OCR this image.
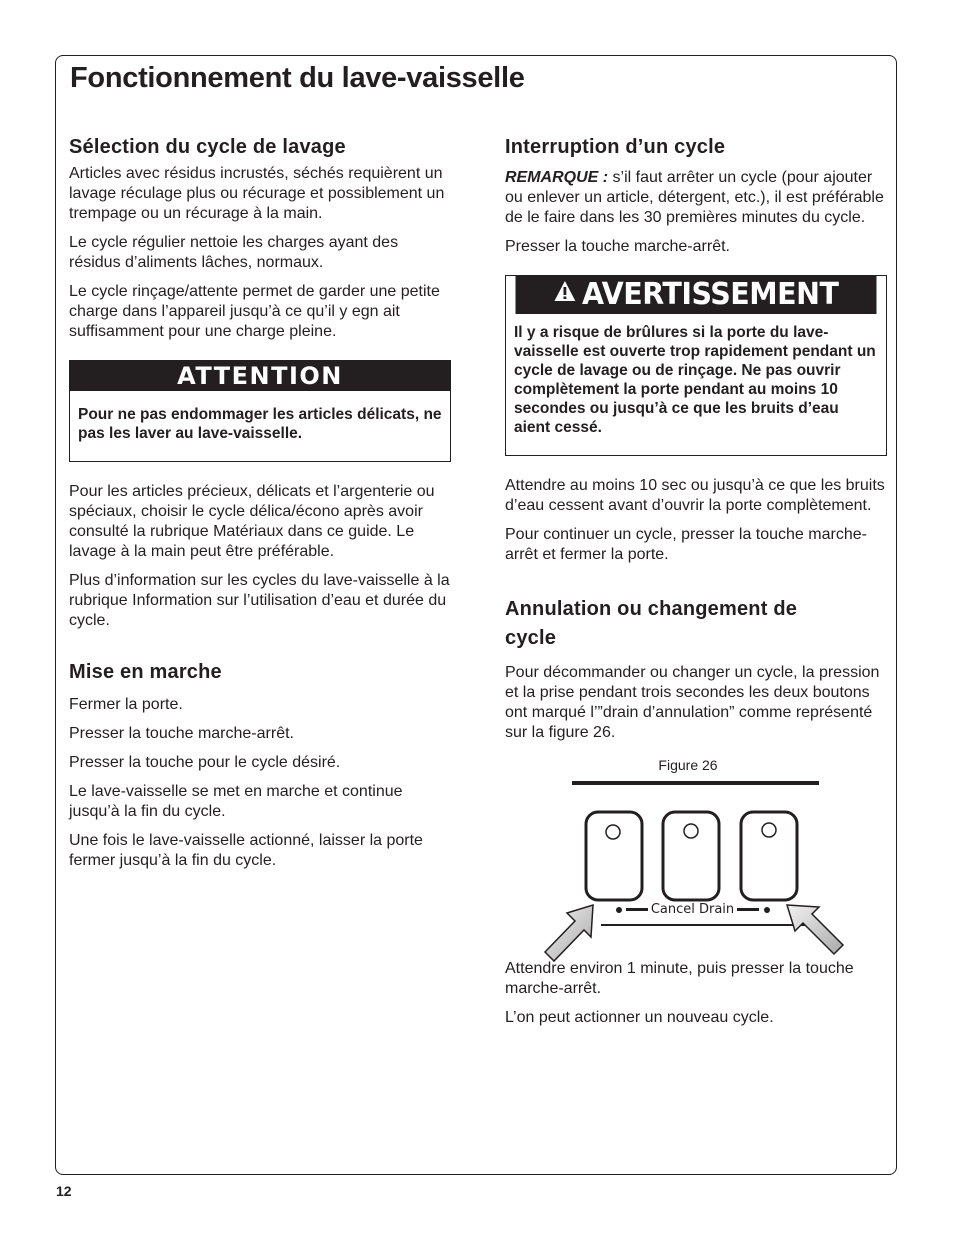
Fonctionnement du lave-vaisselle
Sélection du cycle de lavage

Articles avec résidus incrustés, séchés requièrent un lavage réculage plus ou récurage et possiblement un trempage ou un récurage à la main.

Le cycle régulier nettoie les charges ayant des résidus d’aliments lâches, normaux.

Le cycle rinçage/attente permet de garder une petite charge dans l’appareil jusqu’à ce qu’il y egn ait suffisamment pour une charge pleine.

ATTENTION
Pour ne pas endommager les articles délicats, ne pas les laver au lave-vaisselle.

Pour les articles précieux, délicats et l’argenterie ou spéciaux, choisir le cycle délica/écono après avoir consulté la rubrique Matériaux dans ce guide. Le lavage à la main peut être préférable.

Plus d’information sur les cycles du lave-vaisselle à la rubrique Information sur l’utilisation d’eau et durée du cycle.

Mise en marche

Fermer la porte.

Presser la touche marche-arrêt.

Presser la touche pour le cycle désiré.

Le lave-vaisselle se met en marche et continue jusqu’à la fin du cycle.

Une fois le lave-vaisselle actionné, laisser la porte fermer jusqu’à la fin du cycle.

Interruption d’un cycle

REMARQUE : s’il faut arrêter un cycle (pour ajouter ou enlever un article, détergent, etc.), il est préférable de le faire dans les 30 premières minutes du cycle.

Presser la touche marche-arrêt.

AVERTISSEMENT
Il y a risque de brûlures si la porte du lave-vaisselle est ouverte trop rapidement pendant un cycle de lavage ou de rinçage. Ne pas ouvrir complètement la porte pendant au moins 10 secondes ou jusqu’à ce que les bruits d’eau aient cessé.

Attendre au moins 10 sec ou jusqu’à ce que les bruits d’eau cessent avant d’ouvrir la porte complètement.

Pour continuer un cycle, presser la touche marche-arrêt et fermer la porte.

Annulation ou changement de cycle

Pour décommander ou changer un cycle, la pression et la prise pendant trois secondes les deux boutons ont marqué l’”drain d’annulation” comme représenté sur la figure 26.

Figure 26
Cancel Drain

Attendre environ 1 minute, puis presser la touche marche-arrêt.

L’on peut actionner un nouveau cycle.

12
